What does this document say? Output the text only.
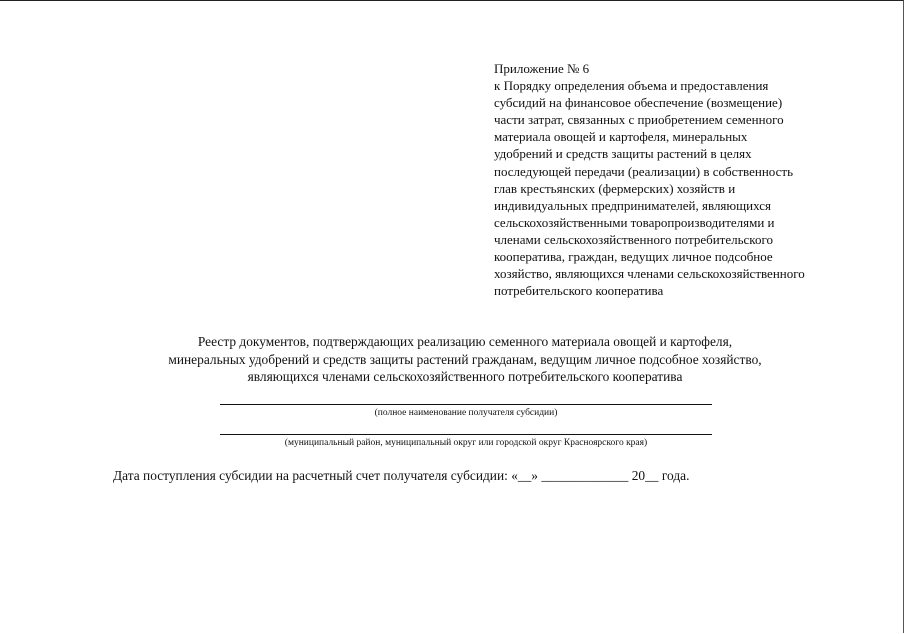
Приложение № 6
к Порядку определения объема и предоставления
субсидий на финансовое обеспечение (возмещение)
части затрат, связанных с приобретением семенного
материала овощей и картофеля, минеральных
удобрений и средств защиты растений в целях
последующей передачи (реализации) в собственность
глав крестьянских (фермерских) хозяйств и
индивидуальных предпринимателей, являющихся
сельскохозяйственными товаропроизводителями и
членами сельскохозяйственного потребительского
кооператива, граждан, ведущих личное подсобное
хозяйство, являющихся членами сельскохозяйственного
потребительского кооператива
Реестр документов, подтверждающих реализацию семенного материала овощей и картофеля,
минеральных удобрений и средств защиты растений гражданам, ведущим личное подсобное хозяйство,
являющихся членами сельскохозяйственного потребительского кооператива
(полное наименование получателя субсидии)
(муниципальный район, муниципальный округ или городской округ Красноярского края)
Дата поступления субсидии на расчетный счет получателя субсидии: «__» _____________ 20__ года.
